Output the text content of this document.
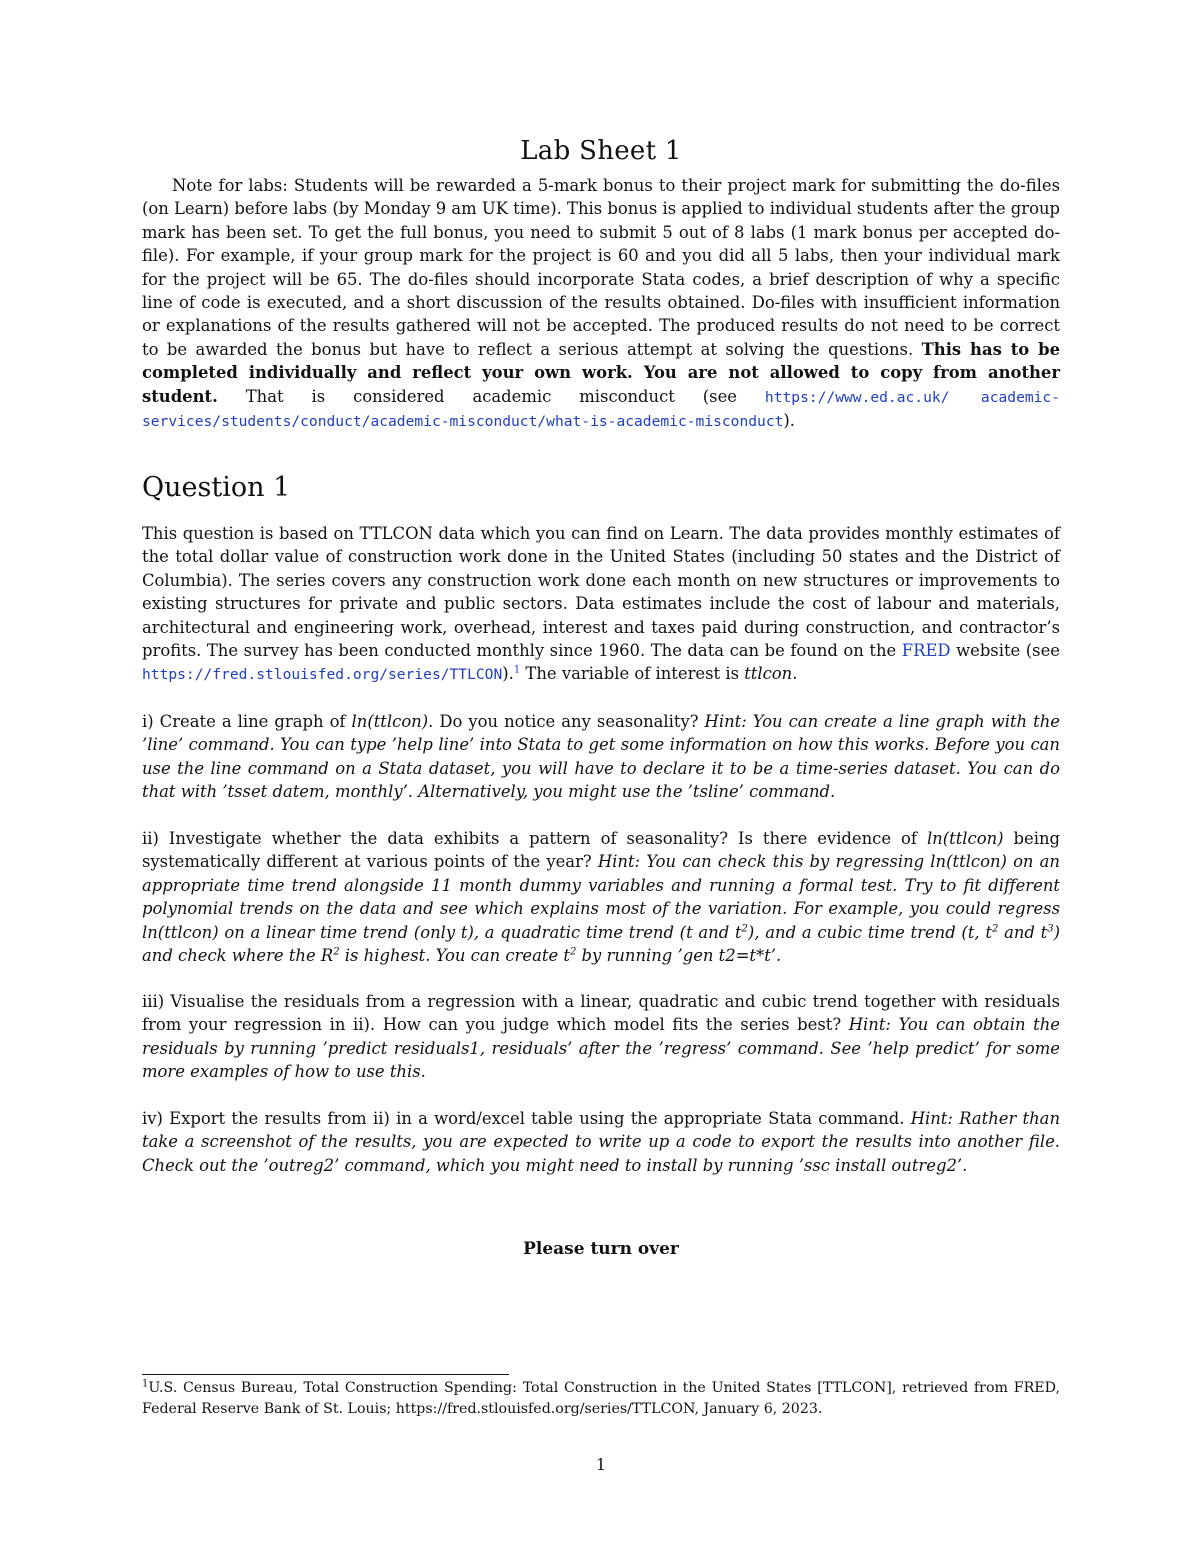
Lab Sheet 1

Note for labs: Students will be rewarded a 5-mark bonus to their project mark for submitting the do-files (on Learn) before labs (by Monday 9 am UK time). This bonus is applied to individual students after the group mark has been set. To get the full bonus, you need to submit 5 out of 8 labs (1 mark bonus per accepted do-file). For example, if your group mark for the project is 60 and you did all 5 labs, then your individual mark for the project will be 65. The do-files should incorporate Stata codes, a brief description of why a specific line of code is executed, and a short discussion of the results obtained. Do-files with insufficient information or explanations of the results gathered will not be accepted. The produced results do not need to be correct to be awarded the bonus but have to reflect a serious attempt at solving the questions. This has to be completed individually and reflect your own work. You are not allowed to copy from another student. That is considered academic misconduct (see https://www.ed.ac.uk/ academic-services/students/conduct/academic-misconduct/what-is-academic-misconduct).

Question 1

This question is based on TTLCON data which you can find on Learn. The data provides monthly estimates of the total dollar value of construction work done in the United States (including 50 states and the District of Columbia). The series covers any construction work done each month on new structures or improvements to existing structures for private and public sectors. Data estimates include the cost of labour and materials, architectural and engineering work, overhead, interest and taxes paid during construction, and contractor’s profits. The survey has been conducted monthly since 1960. The data can be found on the FRED website (see https://fred.stlouisfed.org/series/TTLCON).$^1$ The variable of interest is ttlcon.

i) Create a line graph of ln(ttlcon). Do you notice any seasonality? Hint: You can create a line graph with the ’line’ command. You can type ’help line’ into Stata to get some information on how this works. Before you can use the line command on a Stata dataset, you will have to declare it to be a time-series dataset. You can do that with ’tsset datem, monthly’. Alternatively, you might use the ’tsline’ command.

ii) Investigate whether the data exhibits a pattern of seasonality? Is there evidence of ln(ttlcon) being systematically different at various points of the year? Hint: You can check this by regressing ln(ttlcon) on an appropriate time trend alongside 11 month dummy variables and running a formal test. Try to fit different polynomial trends on the data and see which explains most of the variation. For example, you could regress ln(ttlcon) on a linear time trend (only t), a quadratic time trend (t and $t^2$), and a cubic time trend (t, $t^2$ and $t^3$) and check where the $R^2$ is highest. You can create $t^2$ by running ’gen t2=t*t’.

iii) Visualise the residuals from a regression with a linear, quadratic and cubic trend together with residuals from your regression in ii). How can you judge which model fits the series best? Hint: You can obtain the residuals by running ’predict residuals1, residuals’ after the ’regress’ command. See ’help predict’ for some more examples of how to use this.

iv) Export the results from ii) in a word/excel table using the appropriate Stata command. Hint: Rather than take a screenshot of the results, you are expected to write up a code to export the results into another file. Check out the ’outreg2’ command, which you might need to install by running ’ssc install outreg2’.

Please turn over

$^1$U.S. Census Bureau, Total Construction Spending: Total Construction in the United States [TTLCON], retrieved from FRED, Federal Reserve Bank of St. Louis; https://fred.stlouisfed.org/series/TTLCON, January 6, 2023.

1
